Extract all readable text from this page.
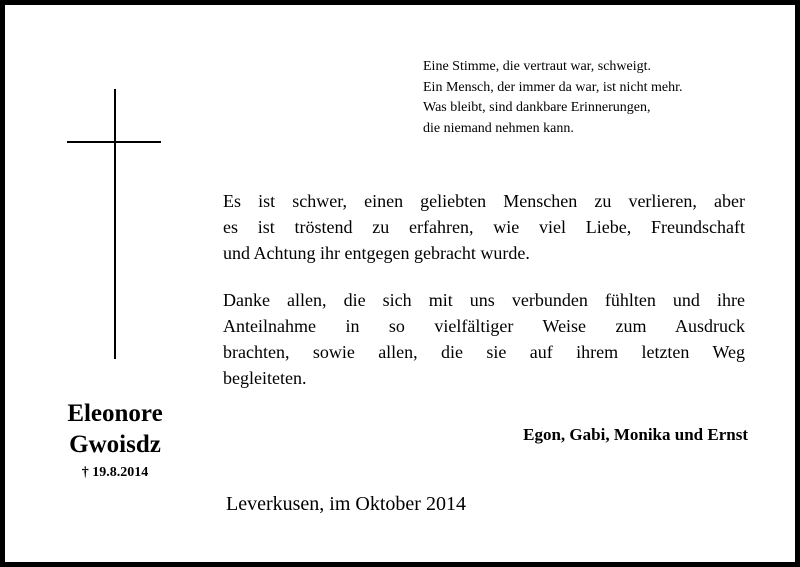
Eine Stimme, die vertraut war, schweigt.
Ein Mensch, der immer da war, ist nicht mehr.
Was bleibt, sind dankbare Erinnerungen,
die niemand nehmen kann.
Es ist schwer, einen geliebten Menschen zu verlieren, aber
es ist tröstend zu erfahren, wie viel Liebe, Freundschaft
und Achtung ihr entgegen gebracht wurde.
Danke allen, die sich mit uns verbunden fühlten und ihre
Anteilnahme in so vielfältiger Weise zum Ausdruck
brachten, sowie allen, die sie auf ihrem letzten Weg
begleiteten.
Egon, Gabi, Monika und Ernst
Eleonore
Gwoisdz
† 19.8.2014
Leverkusen, im Oktober 2014
